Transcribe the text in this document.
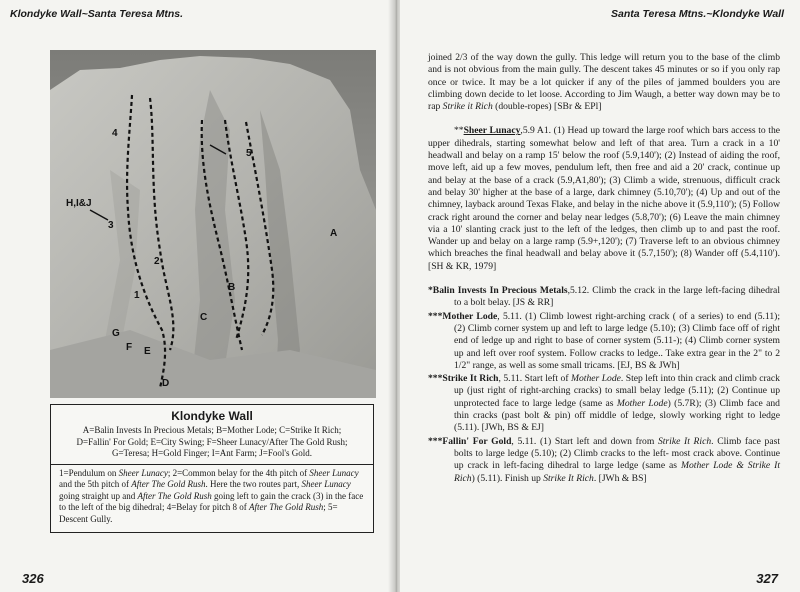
Klondyke Wall~Santa Teresa Mtns.
4
5
H,I&J
3
A
2
1
B
C
G
F E
D
Klondyke Wall
A=Balin Invests In Precious Metals; B=Mother Lode; C=Strike It Rich;
D=Fallin' For Gold; E=City Swing; F=Sheer Lunacy/After The Gold Rush;
G=Teresa; H=Gold Finger; I=Ant Farm; J=Fool's Gold.
1=Pendulum on Sheer Lunacy; 2=Common belay for the 4th pitch of Sheer Lunacy and the 5th pitch of After The Gold Rush. Here the two routes part, Sheer Lunacy going straight up and After The Gold Rush going left to gain the crack (3) in the face to the left of the big dihedral; 4=Belay for pitch 8 of After The Gold Rush; 5= Descent Gully.
326
Santa Teresa Mtns.~Klondyke Wall

joined 2/3 of the way down the gully. This ledge will return you to the base of the climb and is not obvious from the main gully. The descent takes 45 minutes or so if you only rap once or twice. It may be a lot quicker if any of the piles of jammed boulders you are climbing down decide to let loose. According to Jim Waugh, a better way down may be to rap Strike it Rich (double-ropes) [SBr & EPl]

**Sheer Lunacy,5.9 A1. (1) Head up toward the large roof which bars access to the upper dihedrals, starting somewhat below and left of that area. Turn a crack in a 10' headwall and belay on a ramp 15' below the roof (5.9,140'); (2) Instead of aiding the roof, move left, aid up a few moves, pendulum left, then free and aid a 20' crack, continue up and belay at the base of a crack (5.9,A1,80'); (3) Climb a wide, strenuous, difficult crack and belay 30' higher at the base of a large, dark chimney (5.10,70'); (4) Up and out of the chimney, layback around Texas Flake, and belay in the niche above it (5.9,110'); (5) Follow crack right around the corner and belay near ledges (5.8,70'); (6) Leave the main chimney via a 10' slanting crack just to the left of the ledges, then climb up to and past the roof. Wander up and belay on a large ramp (5.9+,120'); (7) Traverse left to an obvious chimney which breaches the final headwall and belay above it (5.7,150'); (8) Wander off (5.4,110'). [SH & KR, 1979]

*Balin Invests In Precious Metals,5.12. Climb the crack in the large left-facing dihedral to a bolt belay. [JS & RR]
***Mother Lode, 5.11. (1) Climb lowest right-arching crack ( of a series) to end (5.11); (2) Climb corner system up and left to large ledge (5.10); (3) Climb face off of right end of ledge up and right to base of corner system (5.11-); (4) Climb corner system up and left over roof system. Follow cracks to ledge.. Take extra gear in the 2" to 2 1/2" range, as well as some small tricams. [EJ, BS & JWh]
***Strike It Rich, 5.11. Start left of Mother Lode. Step left into thin crack and climb crack up (just right of right-arching cracks) to small belay ledge (5.11); (2) Continue up unprotected face to large ledge (same as Mother Lode) (5.7R); (3) Climb face and thin cracks (past bolt & pin) off middle of ledge, slowly working right to ledge (5.11). [JWh, BS & EJ]
***Fallin' For Gold, 5.11. (1) Start left and down from Strike It Rich. Climb face past bolts to large ledge (5.10); (2) Climb cracks to the left- most crack above. Continue up crack in left-facing dihedral to large ledge (same as Mother Lode & Strike It Rich) (5.11). Finish up Strike It Rich. [JWh & BS]
327
